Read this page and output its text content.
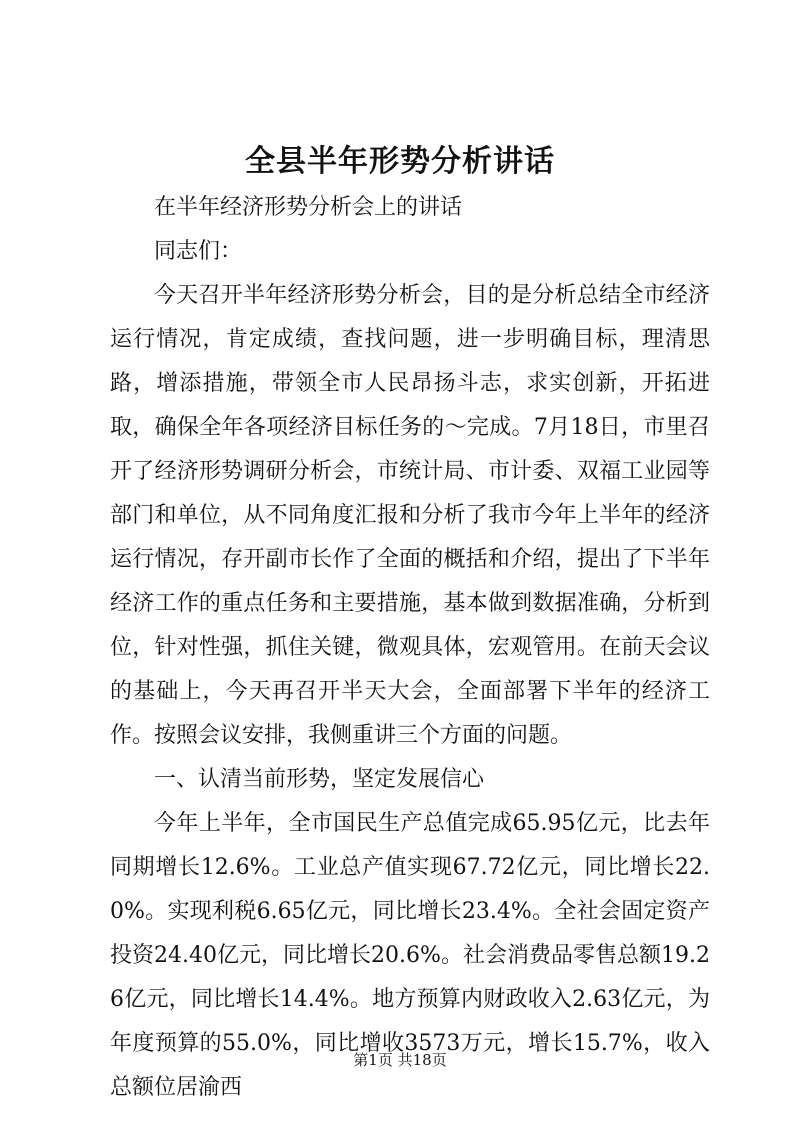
全县半年形势分析讲话

在半年经济形势分析会上的讲话

同志们：

今天召开半年经济形势分析会，目的是分析总结全市经济运行情况，肯定成绩，查找问题，进一步明确目标，理清思路，增添措施，带领全市人民昂扬斗志，求实创新，开拓进取，确保全年各项经济目标任务的～完成。7月18日，市里召开了经济形势调研分析会，市统计局、市计委、双福工业园等部门和单位，从不同角度汇报和分析了我市今年上半年的经济运行情况，存开副市长作了全面的概括和介绍，提出了下半年经济工作的重点任务和主要措施，基本做到数据准确，分析到位，针对性强，抓住关键，微观具体，宏观管用。在前天会议的基础上，今天再召开半天大会，全面部署下半年的经济工作。按照会议安排，我侧重讲三个方面的问题。

一、认清当前形势，坚定发展信心

今年上半年，全市国民生产总值完成65.95亿元，比去年同期增长12.6%。工业总产值实现67.72亿元，同比增长22.0%。实现利税6.65亿元，同比增长23.4%。全社会固定资产投资24.40亿元，同比增长20.6%。社会消费品零售总额19.26亿元，同比增长14.4%。地方预算内财政收入2.63亿元，为年度预算的55.0%，同比增收3573万元，增长15.7%，收入总额位居渝西

第1页 共18页
